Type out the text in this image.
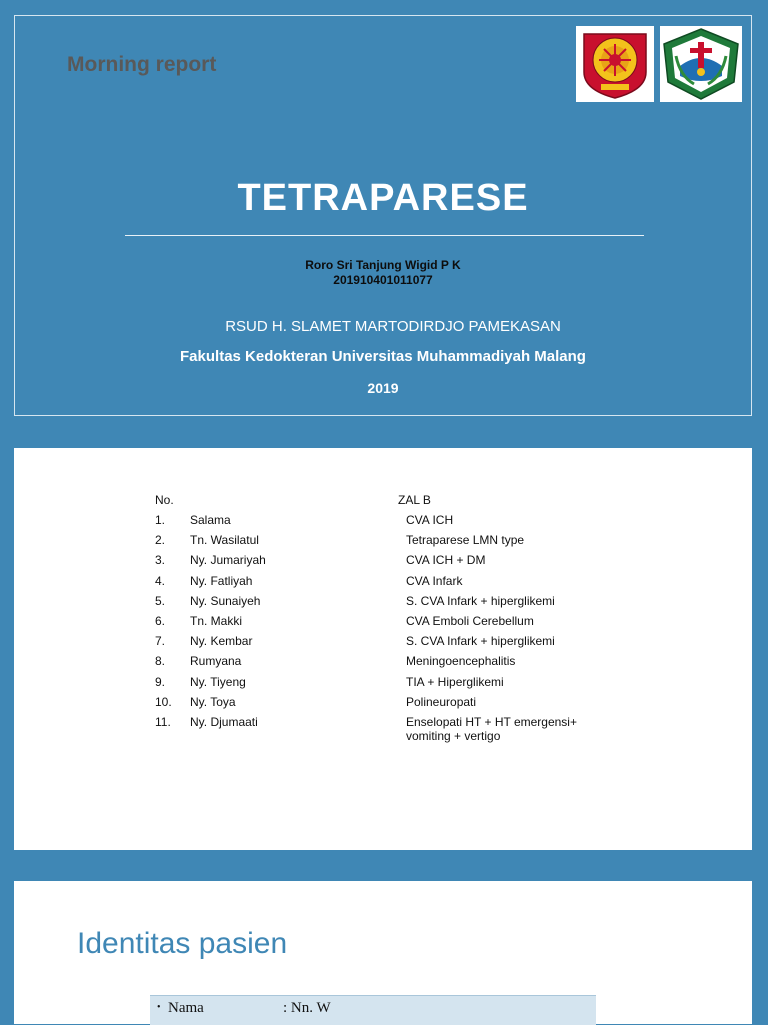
Morning report
TETRAPARESE
Roro Sri Tanjung Wigid P K
201910401011077
RSUD H. SLAMET MARTODIRDJO PAMEKASAN
Fakultas Kedokteran Universitas Muhammadiyah Malang
2019
No.	ZAL B
1. Salama	CVA ICH
2. Tn. Wasilatul	Tetraparese LMN type
3. Ny. Jumariyah	CVA ICH + DM
4. Ny. Fatliyah	CVA Infark
5. Ny. Sunaiyeh	S. CVA Infark + hiperglikemi
6. Tn. Makki	CVA Emboli Cerebellum
7. Ny. Kembar	S. CVA Infark + hiperglikemi
8. Rumyana	Meningoencephalitis
9. Ny. Tiyeng	TIA + Hiperglikemi
10. Ny. Toya	Polineuropati
11. Ny. Djumaati	Enselopati HT + HT emergensi+ vomiting + vertigo
Identitas pasien
• Nama	: Nn. W
